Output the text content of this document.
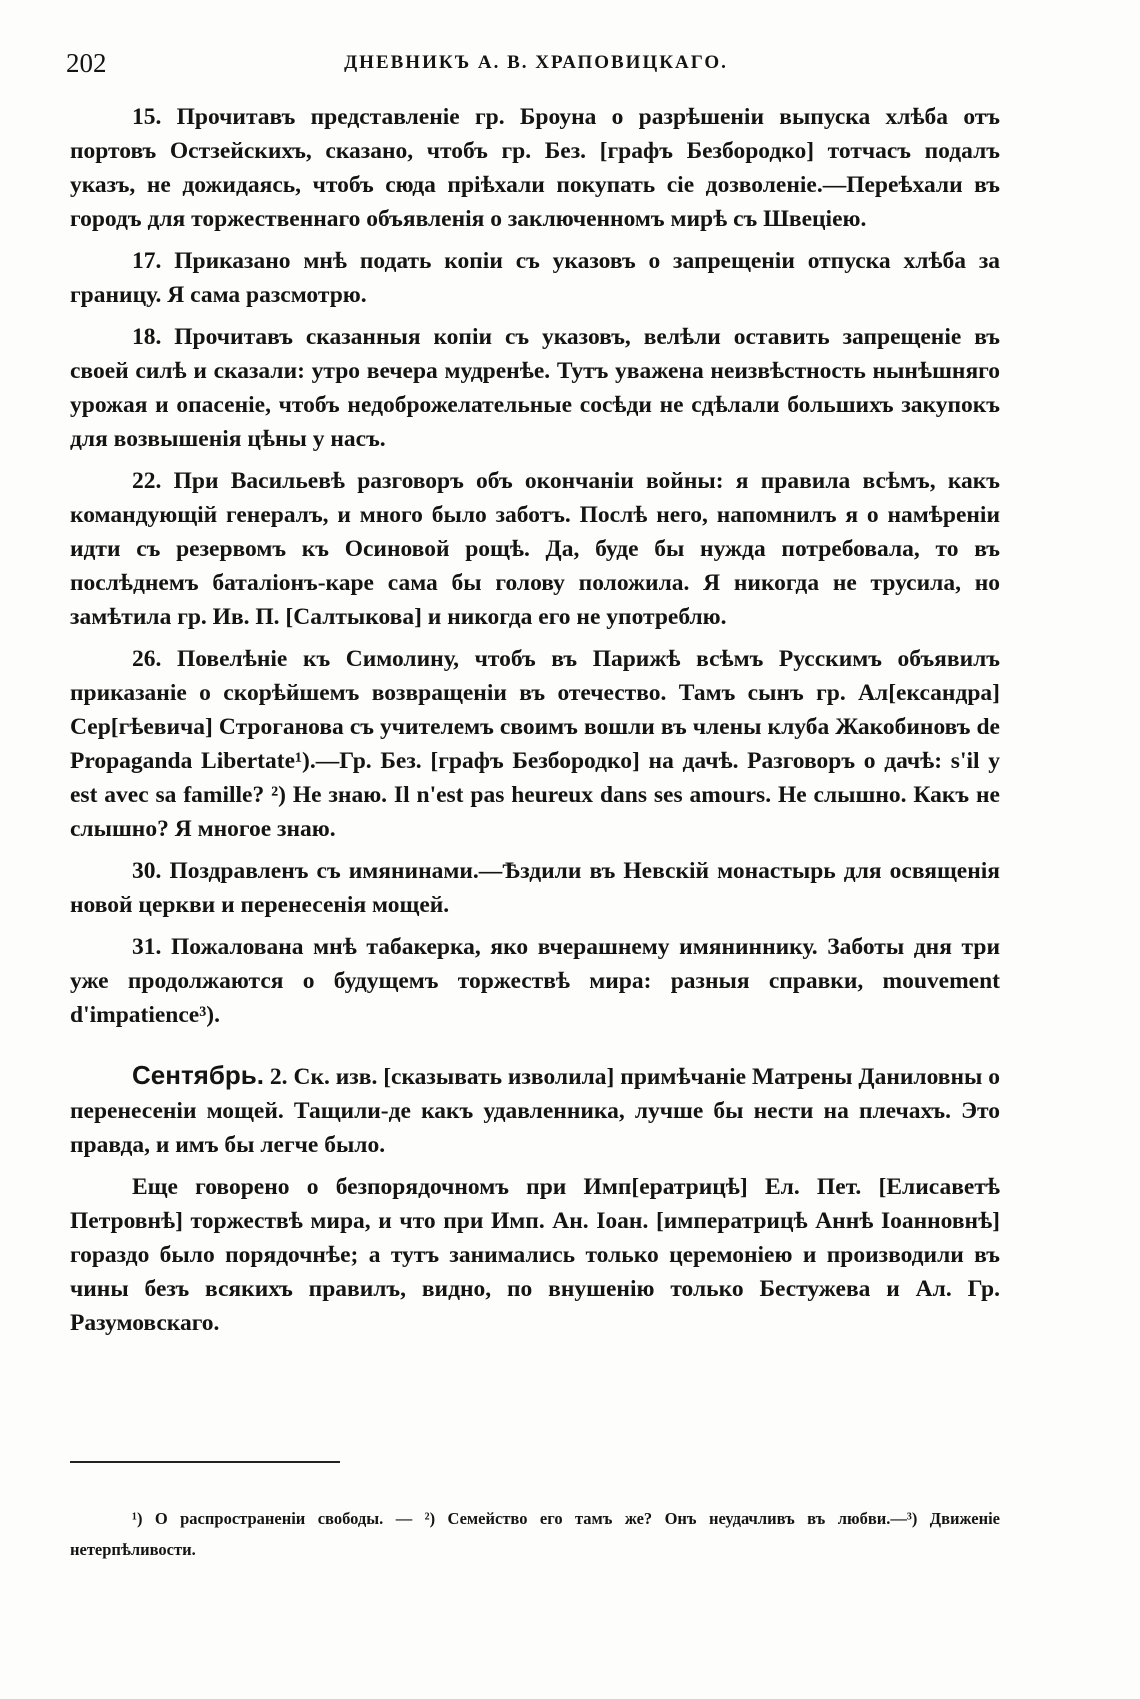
202	ДНЕВНИКЪ А. В. ХРАПОВИЦКАГО.

15. Прочитавъ представленіе гр. Броуна о разрѣшеніи выпуска хлѣба отъ портовъ Остзейскихъ, сказано, чтобъ гр. Без. [графъ Безбородко] тотчасъ подалъ указъ, не дожидаясь, чтобъ сюда пріѣхали покупать сіе дозволеніе.—Переѣхали въ городъ для торжественнаго объявленія о заключенномъ мирѣ съ Швеціею.

17. Приказано мнѣ подать копіи съ указовъ о запрещеніи отпуска хлѣба за границу. Я сама разсмотрю.

18. Прочитавъ сказанныя копіи съ указовъ, велѣли оставить запрещеніе въ своей силѣ и сказали: утро вечера мудренѣе. Тутъ уважена неизвѣстность нынѣшняго урожая и опасеніе, чтобъ недоброжелательные сосѣди не сдѣлали большихъ закупокъ для возвышенія цѣны у насъ.

22. При Васильевѣ разговоръ объ окончаніи войны: я правила всѣмъ, какъ командующій генералъ, и много было заботъ. Послѣ него, напомнилъ я о намѣреніи идти съ резервомъ къ Осиновой рощѣ. Да, буде бы нужда потребовала, то въ послѣднемъ баталіонъ-каре сама бы голову положила. Я никогда не трусила, но замѣтила гр. Ив. П. [Салтыкова] и никогда его не употреблю.

26. Повелѣніе къ Симолину, чтобъ въ Парижѣ всѣмъ Русскимъ объявилъ приказаніе о скорѣйшемъ возвращеніи въ отечество. Тамъ сынъ гр. Ал[ександра] Сер[гѣевича] Строганова съ учителемъ своимъ вошли въ члены клуба Жакобиновъ de Propaganda Libertate¹).—Гр. Без. [графъ Безбородко] на дачѣ. Разговоръ о дачѣ: s'il y est avec sa famille? ²) Не знаю. Il n'est pas heureux dans ses amours. Не слышно. Какъ не слышно? Я многое знаю.

30. Поздравленъ съ имянинами.—Ѣздили въ Невскій монастырь для освященія новой церкви и перенесенія мощей.

31. Пожалована мнѣ табакерка, яко вчерашнему имяниннику. Заботы дня три уже продолжаются о будущемъ торжествѣ мира: разныя справки, mouvement d'impatience³).

Сентябрь. 2. Ск. изв. [сказывать изволила] примѣчаніе Матрены Даниловны о перенесеніи мощей. Тащили-де какъ удавленника, лучше бы нести на плечахъ. Это правда, и имъ бы легче было.

Еще говорено о безпорядочномъ при Имп[ератрицѣ] Ел. Пет. [Елисаветѣ Петровнѣ] торжествѣ мира, и что при Имп. Ан. Іоан. [императрицѣ Аннѣ Іоанновнѣ] гораздо было порядочнѣе; а тутъ занимались только церемоніею и производили въ чины безъ всякихъ правилъ, видно, по внушенію только Бестужева и Ал. Гр. Разумовскаго.

¹) О распространеніи свободы. — ²) Семейство его тамъ же? Онъ неудачливъ въ любви.—³) Движеніе нетерпѣливости.
